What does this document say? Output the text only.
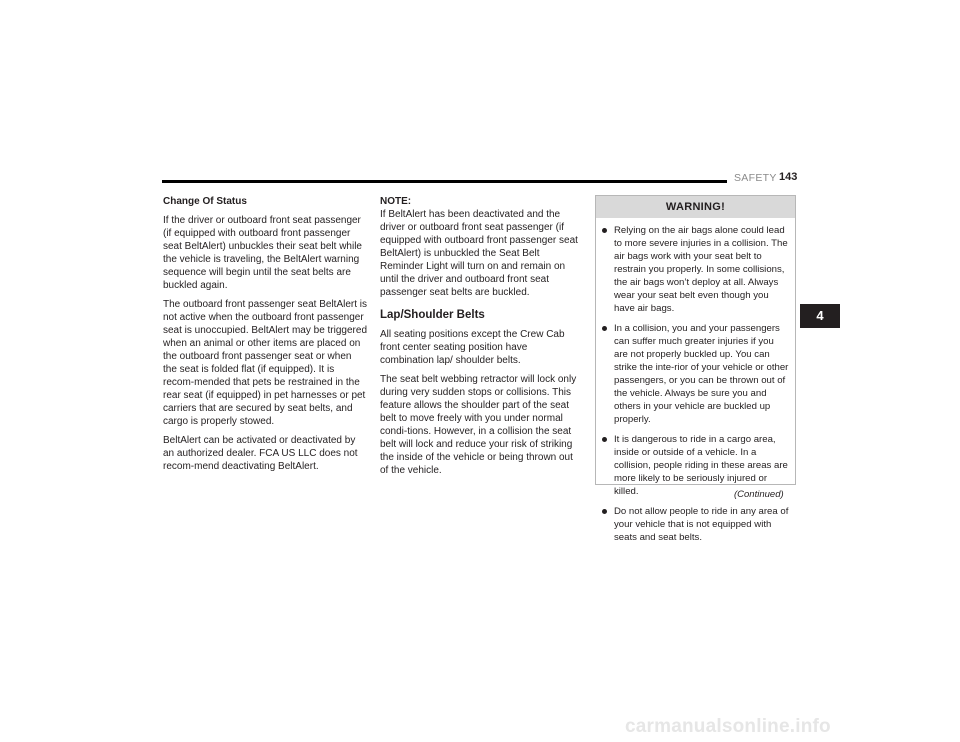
SAFETY 143
Change Of Status

If the driver or outboard front seat passenger (if equipped with outboard front passenger seat BeltAlert) unbuckles their seat belt while the vehicle is traveling, the BeltAlert warning sequence will begin until the seat belts are buckled again.

The outboard front passenger seat BeltAlert is not active when the outboard front passenger seat is unoccupied. BeltAlert may be triggered when an animal or other items are placed on the outboard front passenger seat or when the seat is folded flat (if equipped). It is recom-mended that pets be restrained in the rear seat (if equipped) in pet harnesses or pet carriers that are secured by seat belts, and cargo is properly stowed.

BeltAlert can be activated or deactivated by an authorized dealer. FCA US LLC does not recom-mend deactivating BeltAlert.

NOTE:
If BeltAlert has been deactivated and the driver or outboard front seat passenger (if equipped with outboard front passenger seat BeltAlert) is unbuckled the Seat Belt Reminder Light will turn on and remain on until the driver and outboard front seat passenger seat belts are buckled.

Lap/Shoulder Belts

All seating positions except the Crew Cab front center seating position have combination lap/ shoulder belts.

The seat belt webbing retractor will lock only during very sudden stops or collisions. This feature allows the shoulder part of the seat belt to move freely with you under normal condi-tions. However, in a collision the seat belt will lock and reduce your risk of striking the inside of the vehicle or being thrown out of the vehicle.

WARNING!
Relying on the air bags alone could lead to more severe injuries in a collision. The air bags work with your seat belt to restrain you properly. In some collisions, the air bags won’t deploy at all. Always wear your seat belt even though you have air bags.
In a collision, you and your passengers can suffer much greater injuries if you are not properly buckled up. You can strike the inte-rior of your vehicle or other passengers, or you can be thrown out of the vehicle. Always be sure you and others in your vehicle are buckled up properly.
It is dangerous to ride in a cargo area, inside or outside of a vehicle. In a collision, people riding in these areas are more likely to be seriously injured or killed.
Do not allow people to ride in any area of your vehicle that is not equipped with seats and seat belts.
(Continued)
4
carmanualsonline.info
